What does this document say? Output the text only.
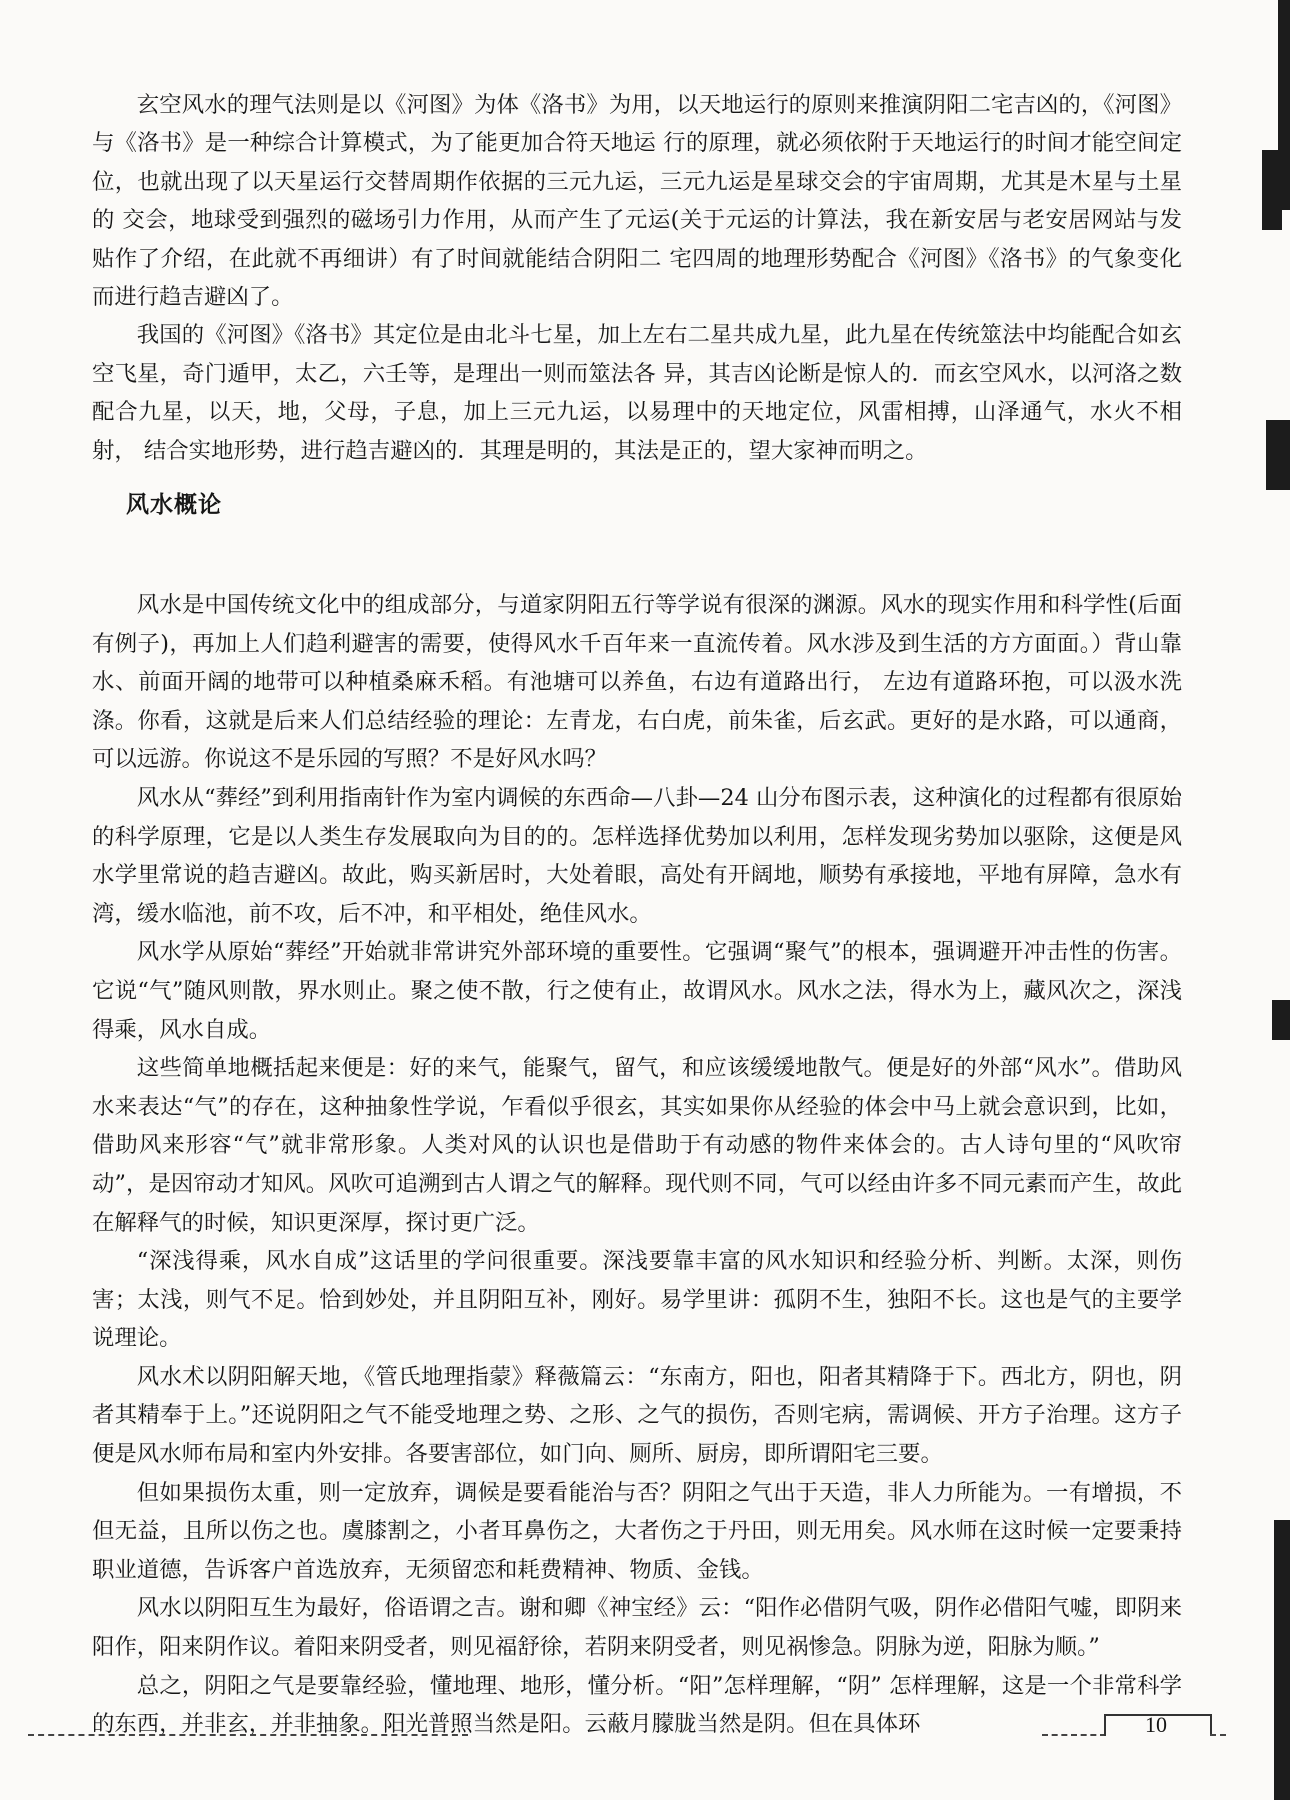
玄空风水的理气法则是以《河图》为体《洛书》为用，以天地运行的原则来推演阴阳二宅吉凶的，《河图》与《洛书》是一种综合计算模式，为了能更加合符天地运 行的原理，就必须依附于天地运行的时间才能空间定位，也就出现了以天星运行交替周期作依据的三元九运，三元九运是星球交会的宇宙周期，尤其是木星与土星的 交会，地球受到强烈的磁场引力作用，从而产生了元运(关于元运的计算法，我在新安居与老安居网站与发贴作了介绍，在此就不再细讲）有了时间就能结合阴阳二 宅四周的地理形势配合《河图》《洛书》的气象变化而进行趋吉避凶了。

我国的《河图》《洛书》其定位是由北斗七星，加上左右二星共成九星，此九星在传统筮法中均能配合如玄空飞星，奇门遁甲，太乙，六壬等，是理出一则而筮法各 异，其吉凶论断是惊人的．而玄空风水，以河洛之数配合九星，以天，地，父母，子息，加上三元九运，以易理中的天地定位，风雷相搏，山泽通气，水火不相射， 结合实地形势，进行趋吉避凶的．其理是明的，其法是正的，望大家神而明之。

风水概论

风水是中国传统文化中的组成部分，与道家阴阳五行等学说有很深的渊源。风水的现实作用和科学性(后面有例子)，再加上人们趋利避害的需要，使得风水千百年来一直流传着。风水涉及到生活的方方面面。）背山靠水、前面开阔的地带可以种植桑麻禾稻。有池塘可以养鱼，右边有道路出行， 左边有道路环抱，可以汲水洗涤。你看，这就是后来人们总结经验的理论：左青龙，右白虎，前朱雀，后玄武。更好的是水路，可以通商，可以远游。你说这不是乐园的写照？不是好风水吗？

风水从“葬经”到利用指南针作为室内调候的东西命—八卦—24 山分布图示表，这种演化的过程都有很原始的科学原理，它是以人类生存发展取向为目的的。怎样选择优势加以利用，怎样发现劣势加以驱除，这便是风水学里常说的趋吉避凶。故此，购买新居时，大处着眼，高处有开阔地，顺势有承接地，平地有屏障，急水有湾，缓水临池，前不攻，后不冲，和平相处，绝佳风水。

风水学从原始“葬经”开始就非常讲究外部环境的重要性。它强调“聚气”的根本，强调避开冲击性的伤害。它说“气”随风则散，界水则止。聚之使不散，行之使有止，故谓风水。风水之法，得水为上，藏风次之，深浅得乘，风水自成。

这些简单地概括起来便是：好的来气，能聚气，留气，和应该缓缓地散气。便是好的外部“风水”。借助风水来表达“气”的存在，这种抽象性学说，乍看似乎很玄，其实如果你从经验的体会中马上就会意识到，比如，借助风来形容“气”就非常形象。人类对风的认识也是借助于有动感的物件来体会的。古人诗句里的“风吹帘动”，是因帘动才知风。风吹可追溯到古人谓之气的解释。现代则不同，气可以经由许多不同元素而产生，故此在解释气的时候，知识更深厚，探讨更广泛。

“深浅得乘，风水自成”这话里的学问很重要。深浅要靠丰富的风水知识和经验分析、判断。太深，则伤害；太浅，则气不足。恰到妙处，并且阴阳互补，刚好。易学里讲：孤阴不生，独阳不长。这也是气的主要学说理论。

风水术以阴阳解天地，《管氏地理指蒙》释薇篇云：“东南方，阳也，阳者其精降于下。西北方，阴也，阴者其精奉于上。”还说阴阳之气不能受地理之势、之形、之气的损伤，否则宅病，需调候、开方子治理。这方子便是风水师布局和室内外安排。各要害部位，如门向、厕所、厨房，即所谓阳宅三要。

但如果损伤太重，则一定放弃，调候是要看能治与否？阴阳之气出于天造，非人力所能为。一有增损，不但无益，且所以伤之也。虞膝割之，小者耳鼻伤之，大者伤之于丹田，则无用矣。风水师在这时候一定要秉持职业道德，告诉客户首选放弃，无须留恋和耗费精神、物质、金钱。

风水以阴阳互生为最好，俗语谓之吉。谢和卿《神宝经》云：“阳作必借阴气吸，阴作必借阳气嘘，即阴来阳作，阳来阴作议。着阳来阴受者，则见福舒徐，若阴来阴受者，则见祸惨急。阴脉为逆，阳脉为顺。”

总之，阴阳之气是要靠经验，懂地理、地形，懂分析。“阳”怎样理解，“阴” 怎样理解，这是一个非常科学的东西，并非玄，并非抽象。阳光普照当然是阳。云蔽月朦胧当然是阴。但在具体环	10
